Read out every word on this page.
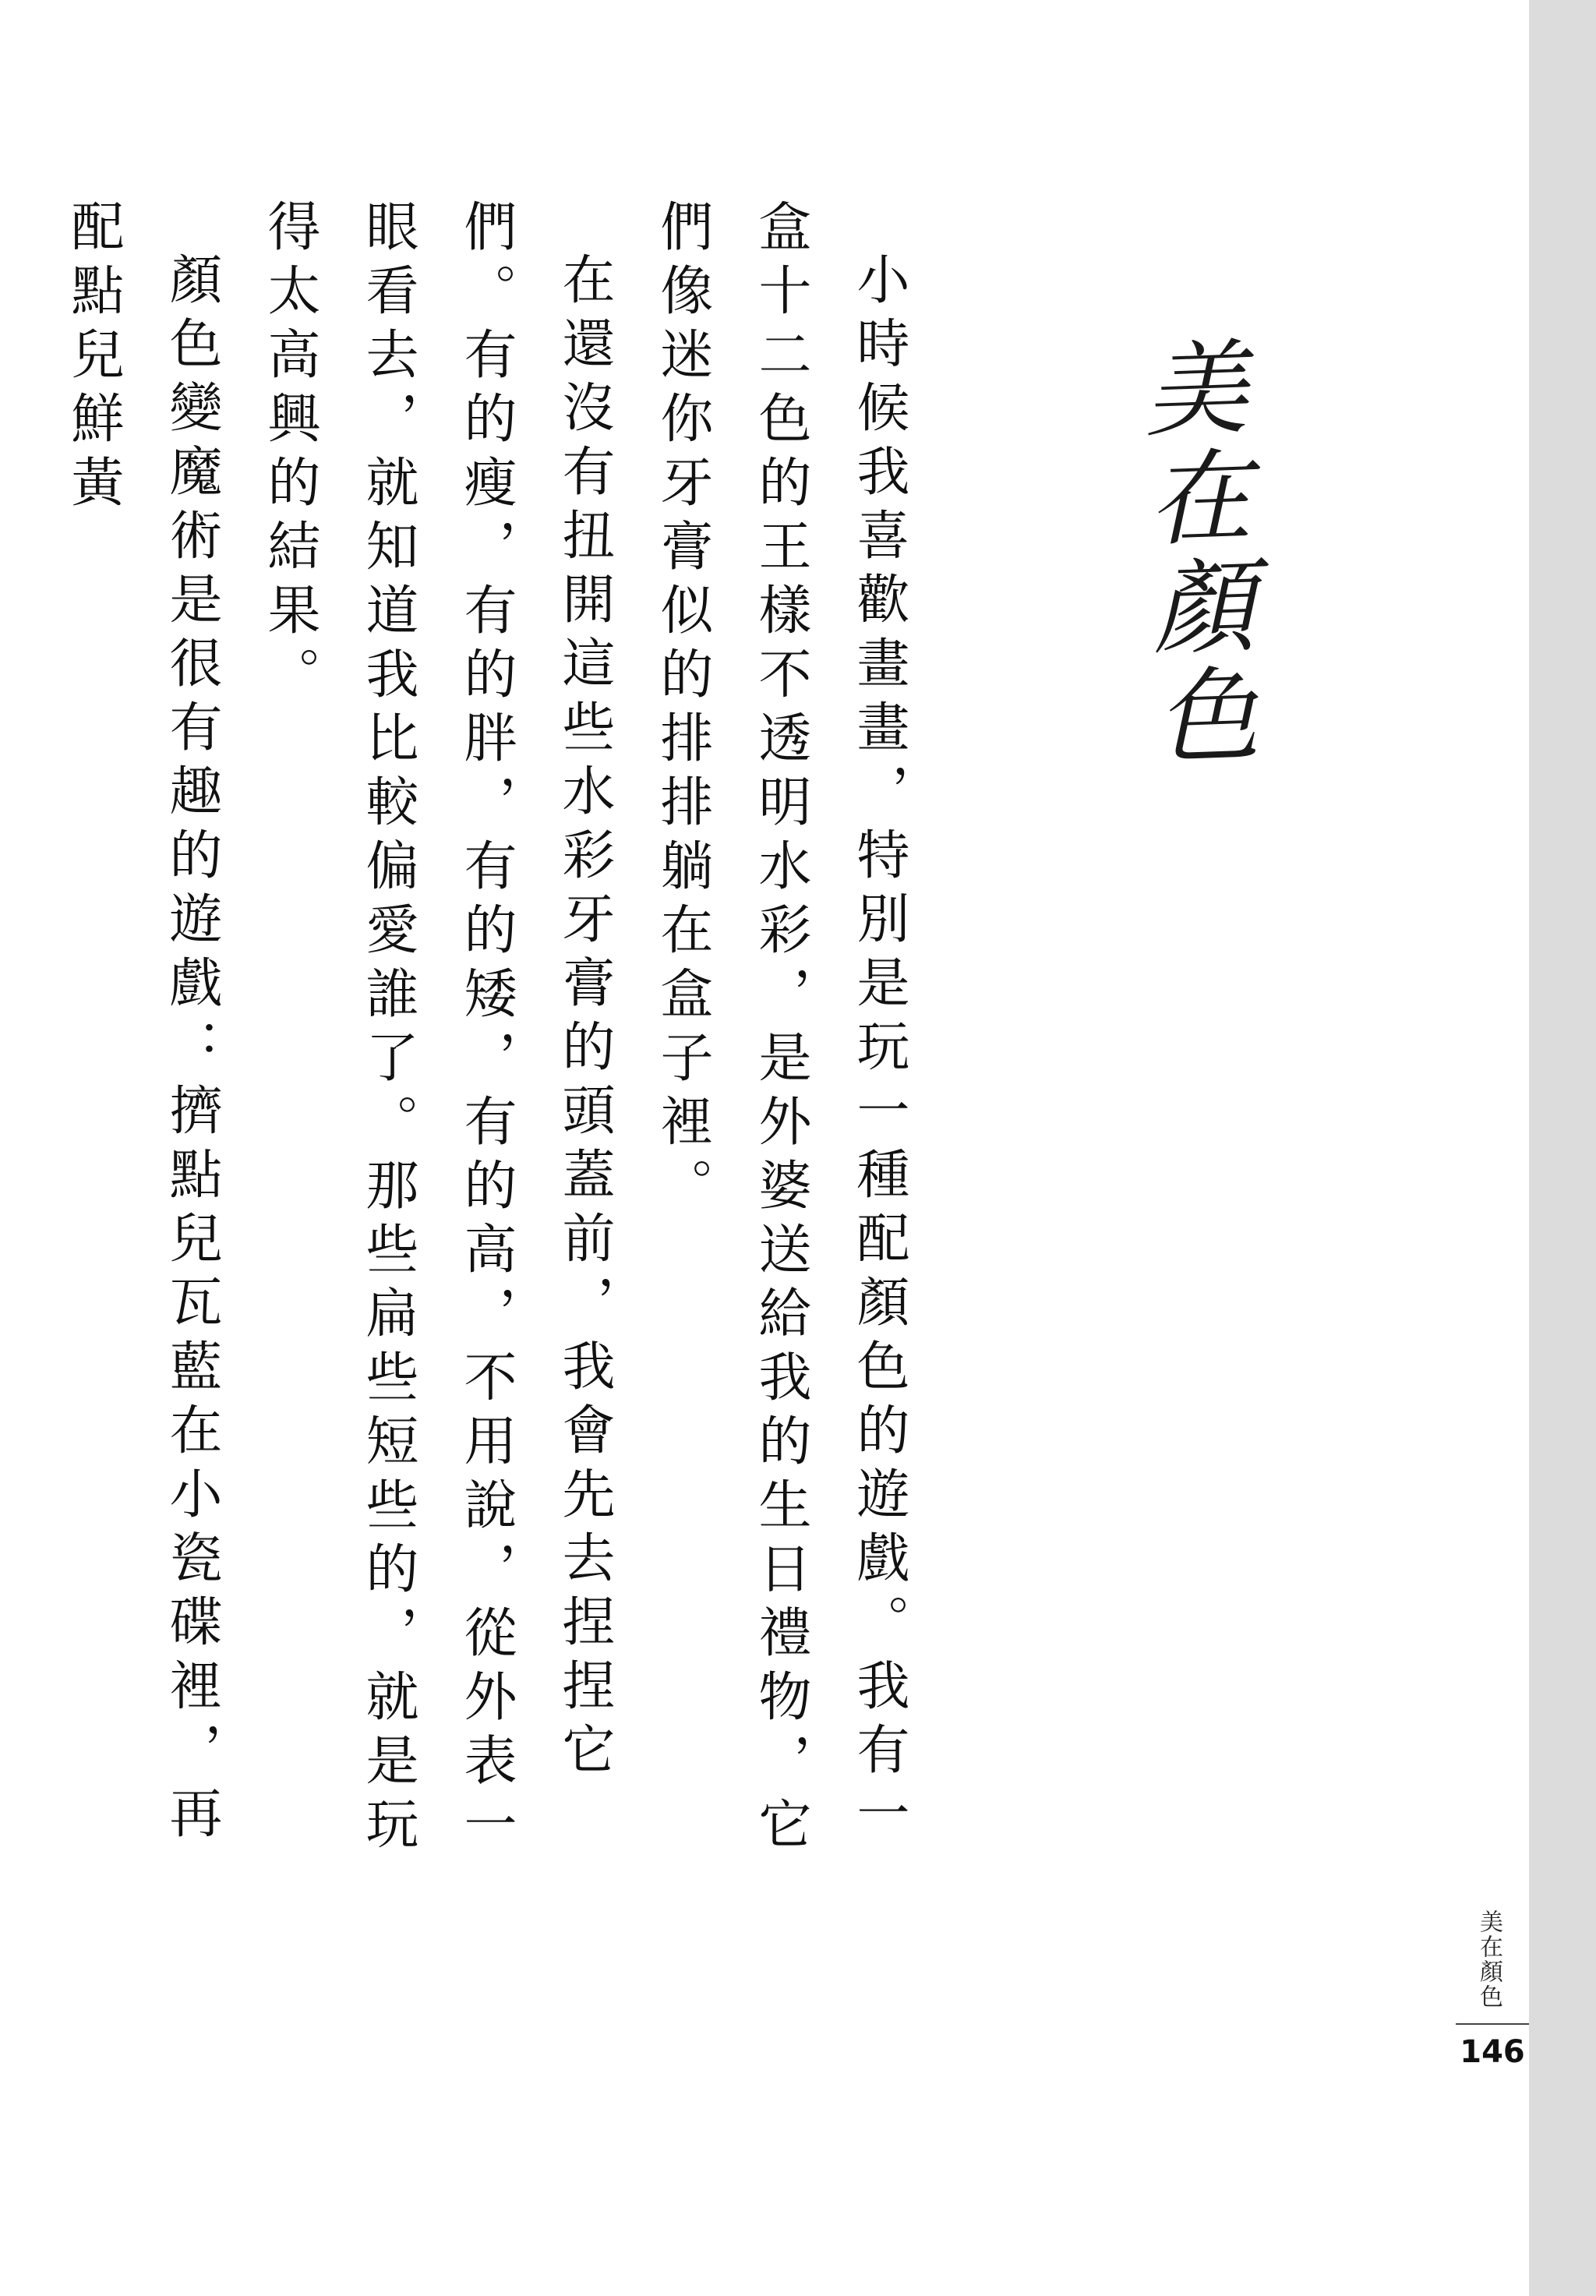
美在顏色

小時候我喜歡畫畫，特別是玩一種配顏色的遊戲。我有一盒十二色的王樣不透明水彩，是外婆送給我的生日禮物，它們像迷你牙膏似的排排躺在盒子裡。

在還沒有扭開這些水彩牙膏的頭蓋前，我會先去捏捏它們。有的瘦，有的胖，有的矮，有的高，不用說，從外表一眼看去，就知道我比較偏愛誰了。那些扁些短些的，就是玩得太高興的結果。

顏色變魔術是很有趣的遊戲：擠點兒瓦藍在小瓷碟裡，再配點兒鮮黃

美在顏色
146
